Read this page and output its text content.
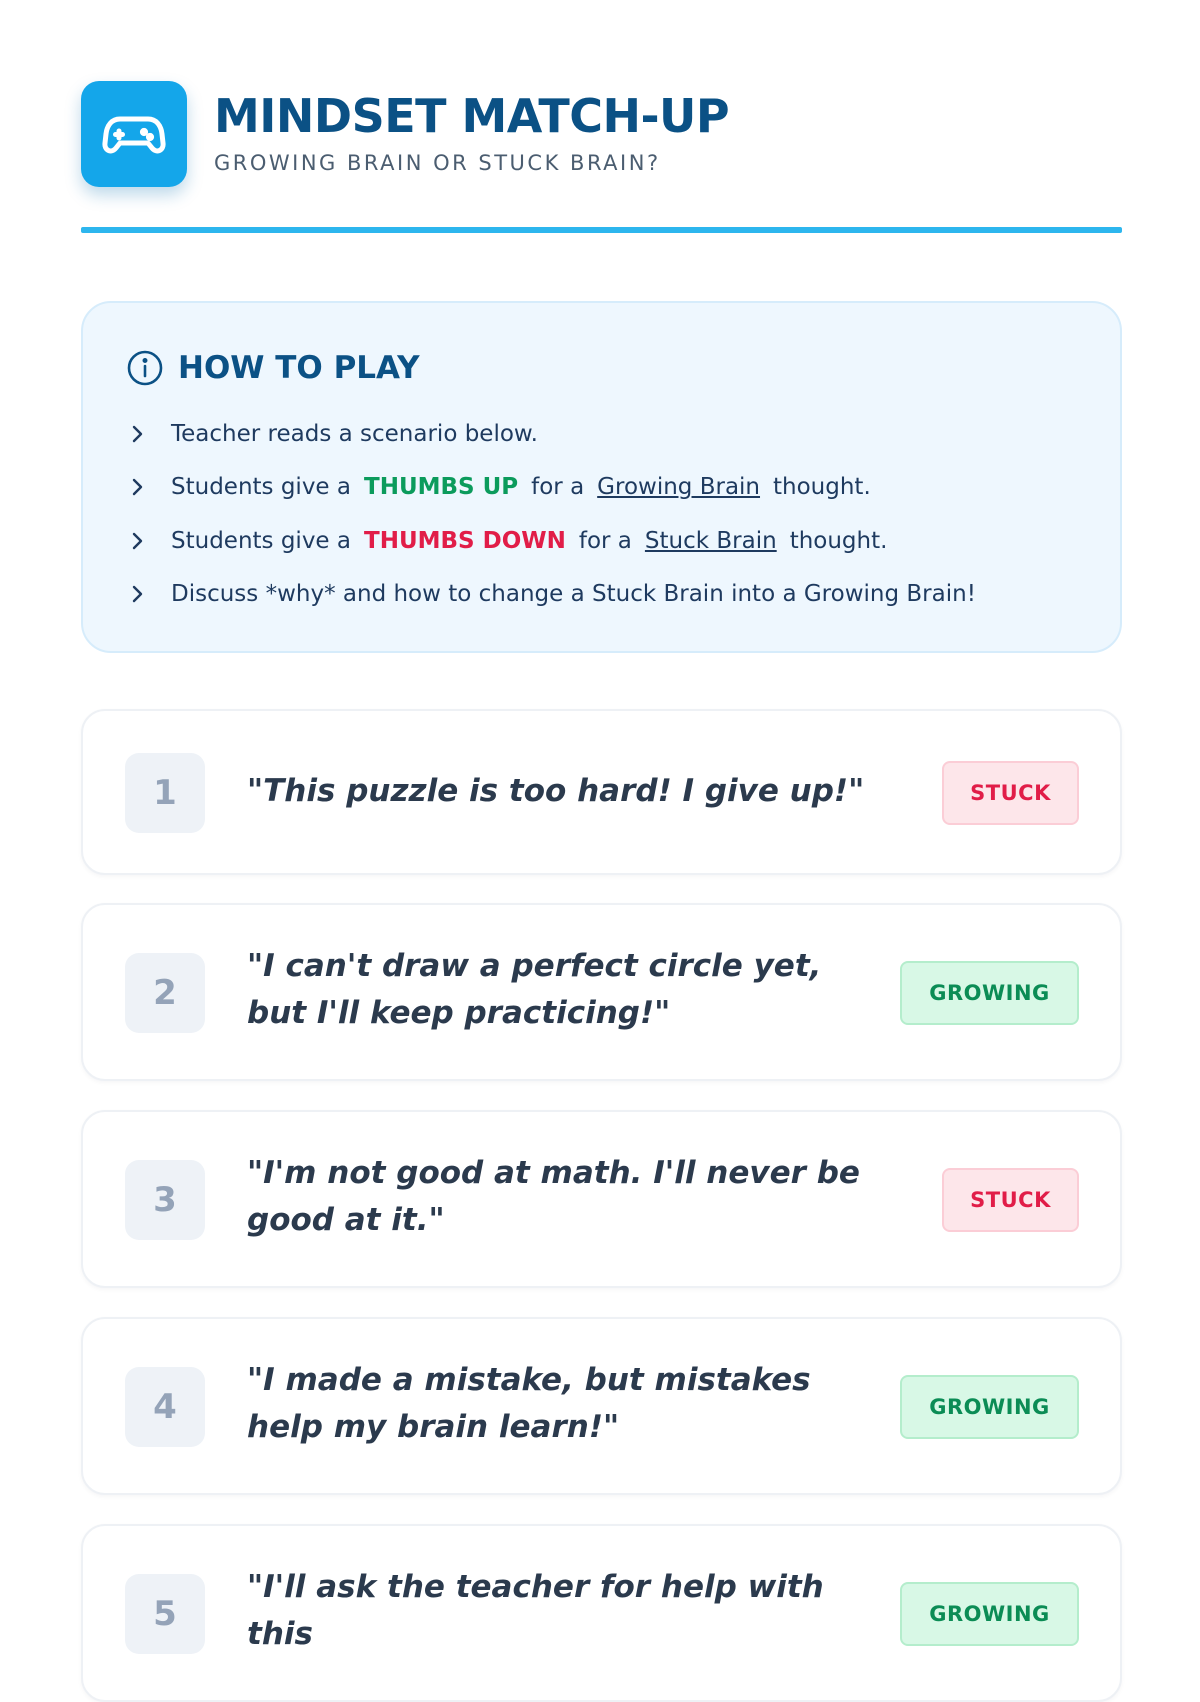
MINDSET MATCH-UP
GROWING BRAIN OR STUCK BRAIN?
HOW TO PLAY
Teacher reads a scenario below.
Students give a THUMBS UP for a Growing Brain thought.
Students give a THUMBS DOWN for a Stuck Brain thought.
Discuss *why* and how to change a Stuck Brain into a Growing Brain!
1	"This puzzle is too hard! I give up!"	STUCK
2
"I can't draw a perfect circle yet, but I'll keep practicing!"
GROWING
3
"I'm not good at math. I'll never be good at it."
STUCK
4
"I made a mistake, but mistakes help my brain learn!"
GROWING
5
"I'll ask the teacher for help with this
GROWING
